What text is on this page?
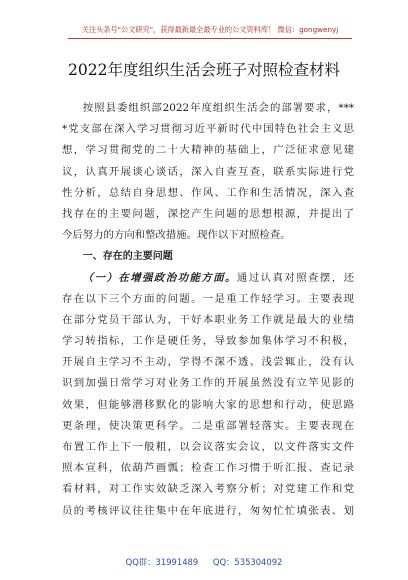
关注头条号"公文研究"，获得最新最全最专业的公文资料库！ 微信：gongwenyj
2022年度组织生活会班子对照检查材料
按照县委组织部2022年度组织生活会的部署要求，***
*党支部在深入学习贯彻习近平新时代中国特色社会主义思
想，学习贯彻党的二十大精神的基础上，广泛征求意见建
议，认真开展谈心谈话，深入自查互查，联系实际进行党
性分析，总结自身思想、作风、工作和生活情况，深入查
找存在的主要问题，深挖产生问题的思想根源，并提出了
今后努力的方向和整改措施。现作以下对照检查。
一、存在的主要问题
（一）在增强政治功能方面。通过认真对照查摆，还
存在以下三个方面的问题。一是重工作轻学习。主要表现
在部分党员干部认为，干好本职业务工作就是最大的业绩
学习转指标，工作是硬任务，导致参加集体学习不积极，
开展自主学习不主动，学得不深不透、浅尝辄止，没有认
识到加强日常学习对业务工作的开展虽然没有立竿见影的
效果，但能够潜移默化的影响大家的思想和行动，使思路
更条理，使决策更科学。二是重部署轻落实。主要表现在
布置工作上下一般粗，以会议落实会议，以文件落实文件
照本宣科，依葫芦画瓢；检查工作习惯于听汇报、查记录
看材料，对工作实效缺乏深入考察分析；对党建工作和党
员的考核评议往往集中在年底进行，匆匆忙忙填张表、划
QQ群：31991489 QQ：535304092
